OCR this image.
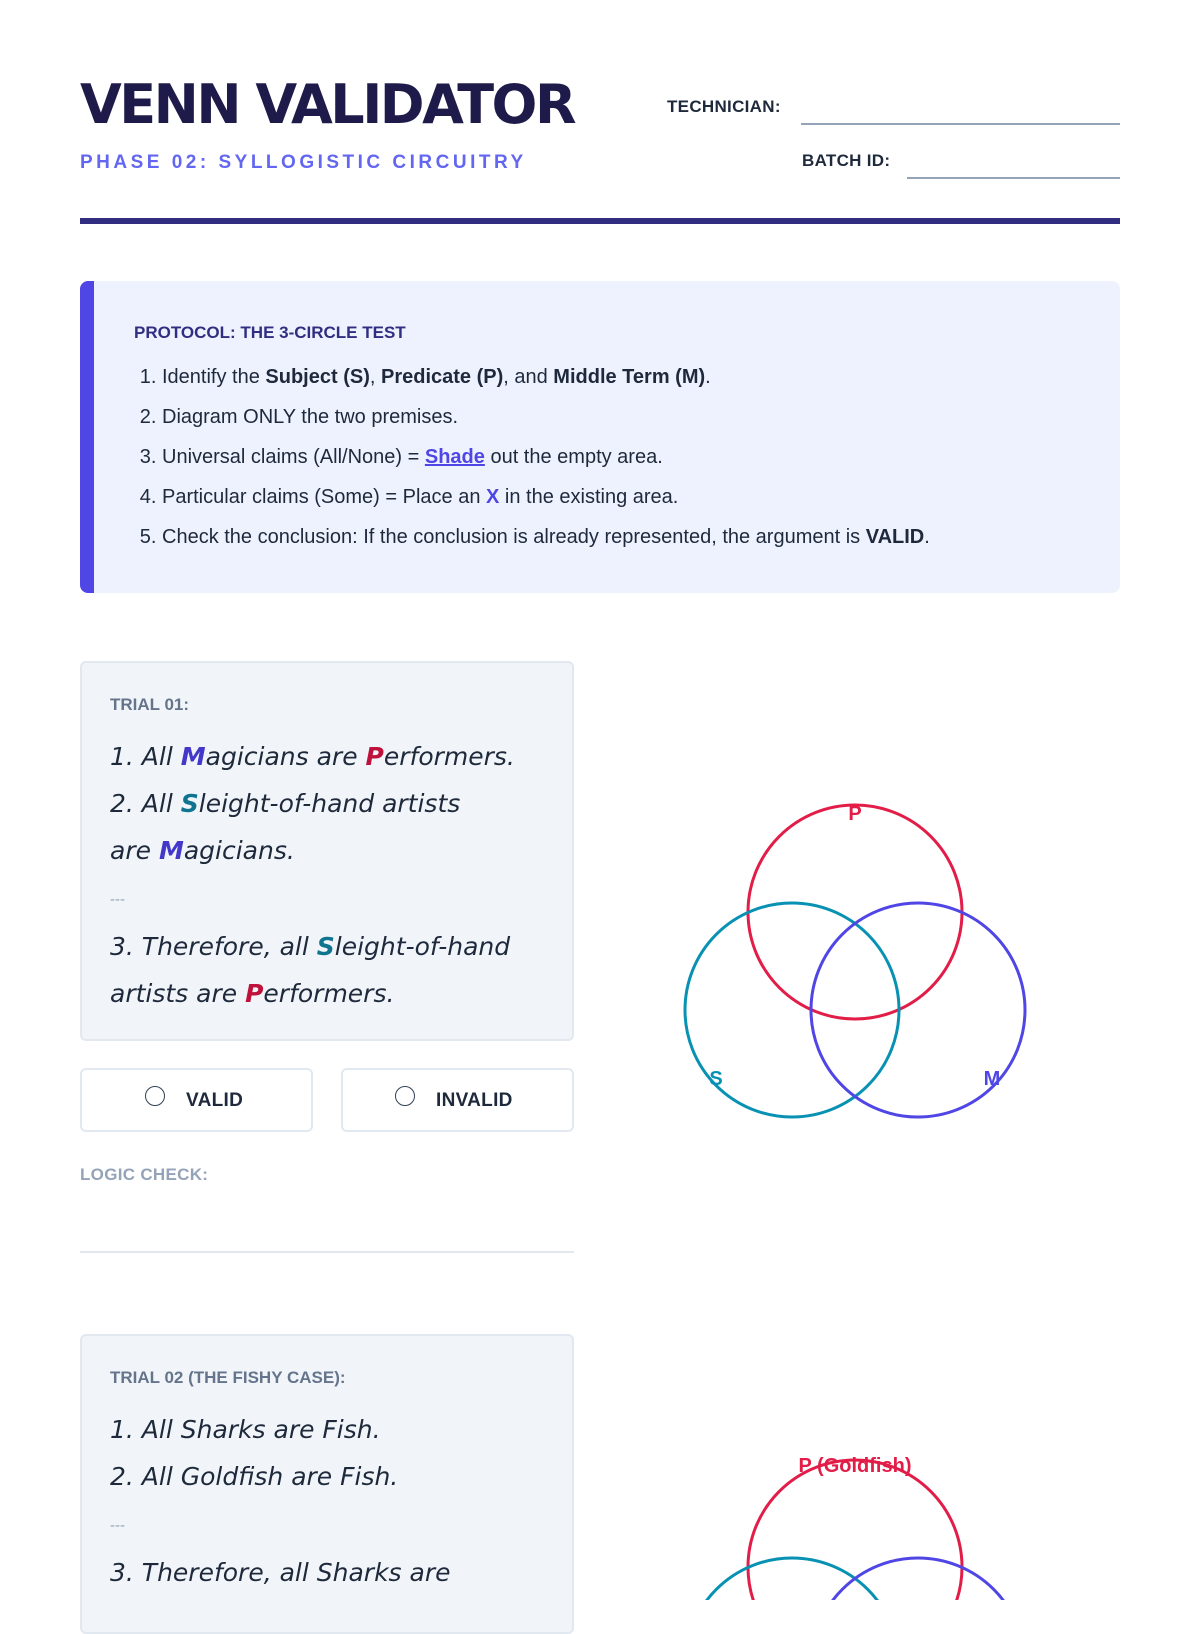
VENN VALIDATOR
PHASE 02: SYLLOGISTIC CIRCUITRY
TECHNICIAN:
BATCH ID:
PROTOCOL: THE 3-CIRCLE TEST
1. Identify the Subject (S), Predicate (P), and Middle Term (M).
2. Diagram ONLY the two premises.
3. Universal claims (All/None) = Shade out the empty area.
4. Particular claims (Some) = Place an X in the existing area.
5. Check the conclusion: If the conclusion is already represented, the argument is VALID.
TRIAL 01:
1. All Magicians are Performers.
2. All Sleight-of-hand artists
are Magicians.
---
3. Therefore, all Sleight-of-hand
artists are Performers.
VALID	INVALID
LOGIC CHECK:
P
S	M
TRIAL 02 (THE FISHY CASE):
1. All Sharks are Fish.
2. All Goldfish are Fish.
---
3. Therefore, all Sharks are
P (Goldfish)
